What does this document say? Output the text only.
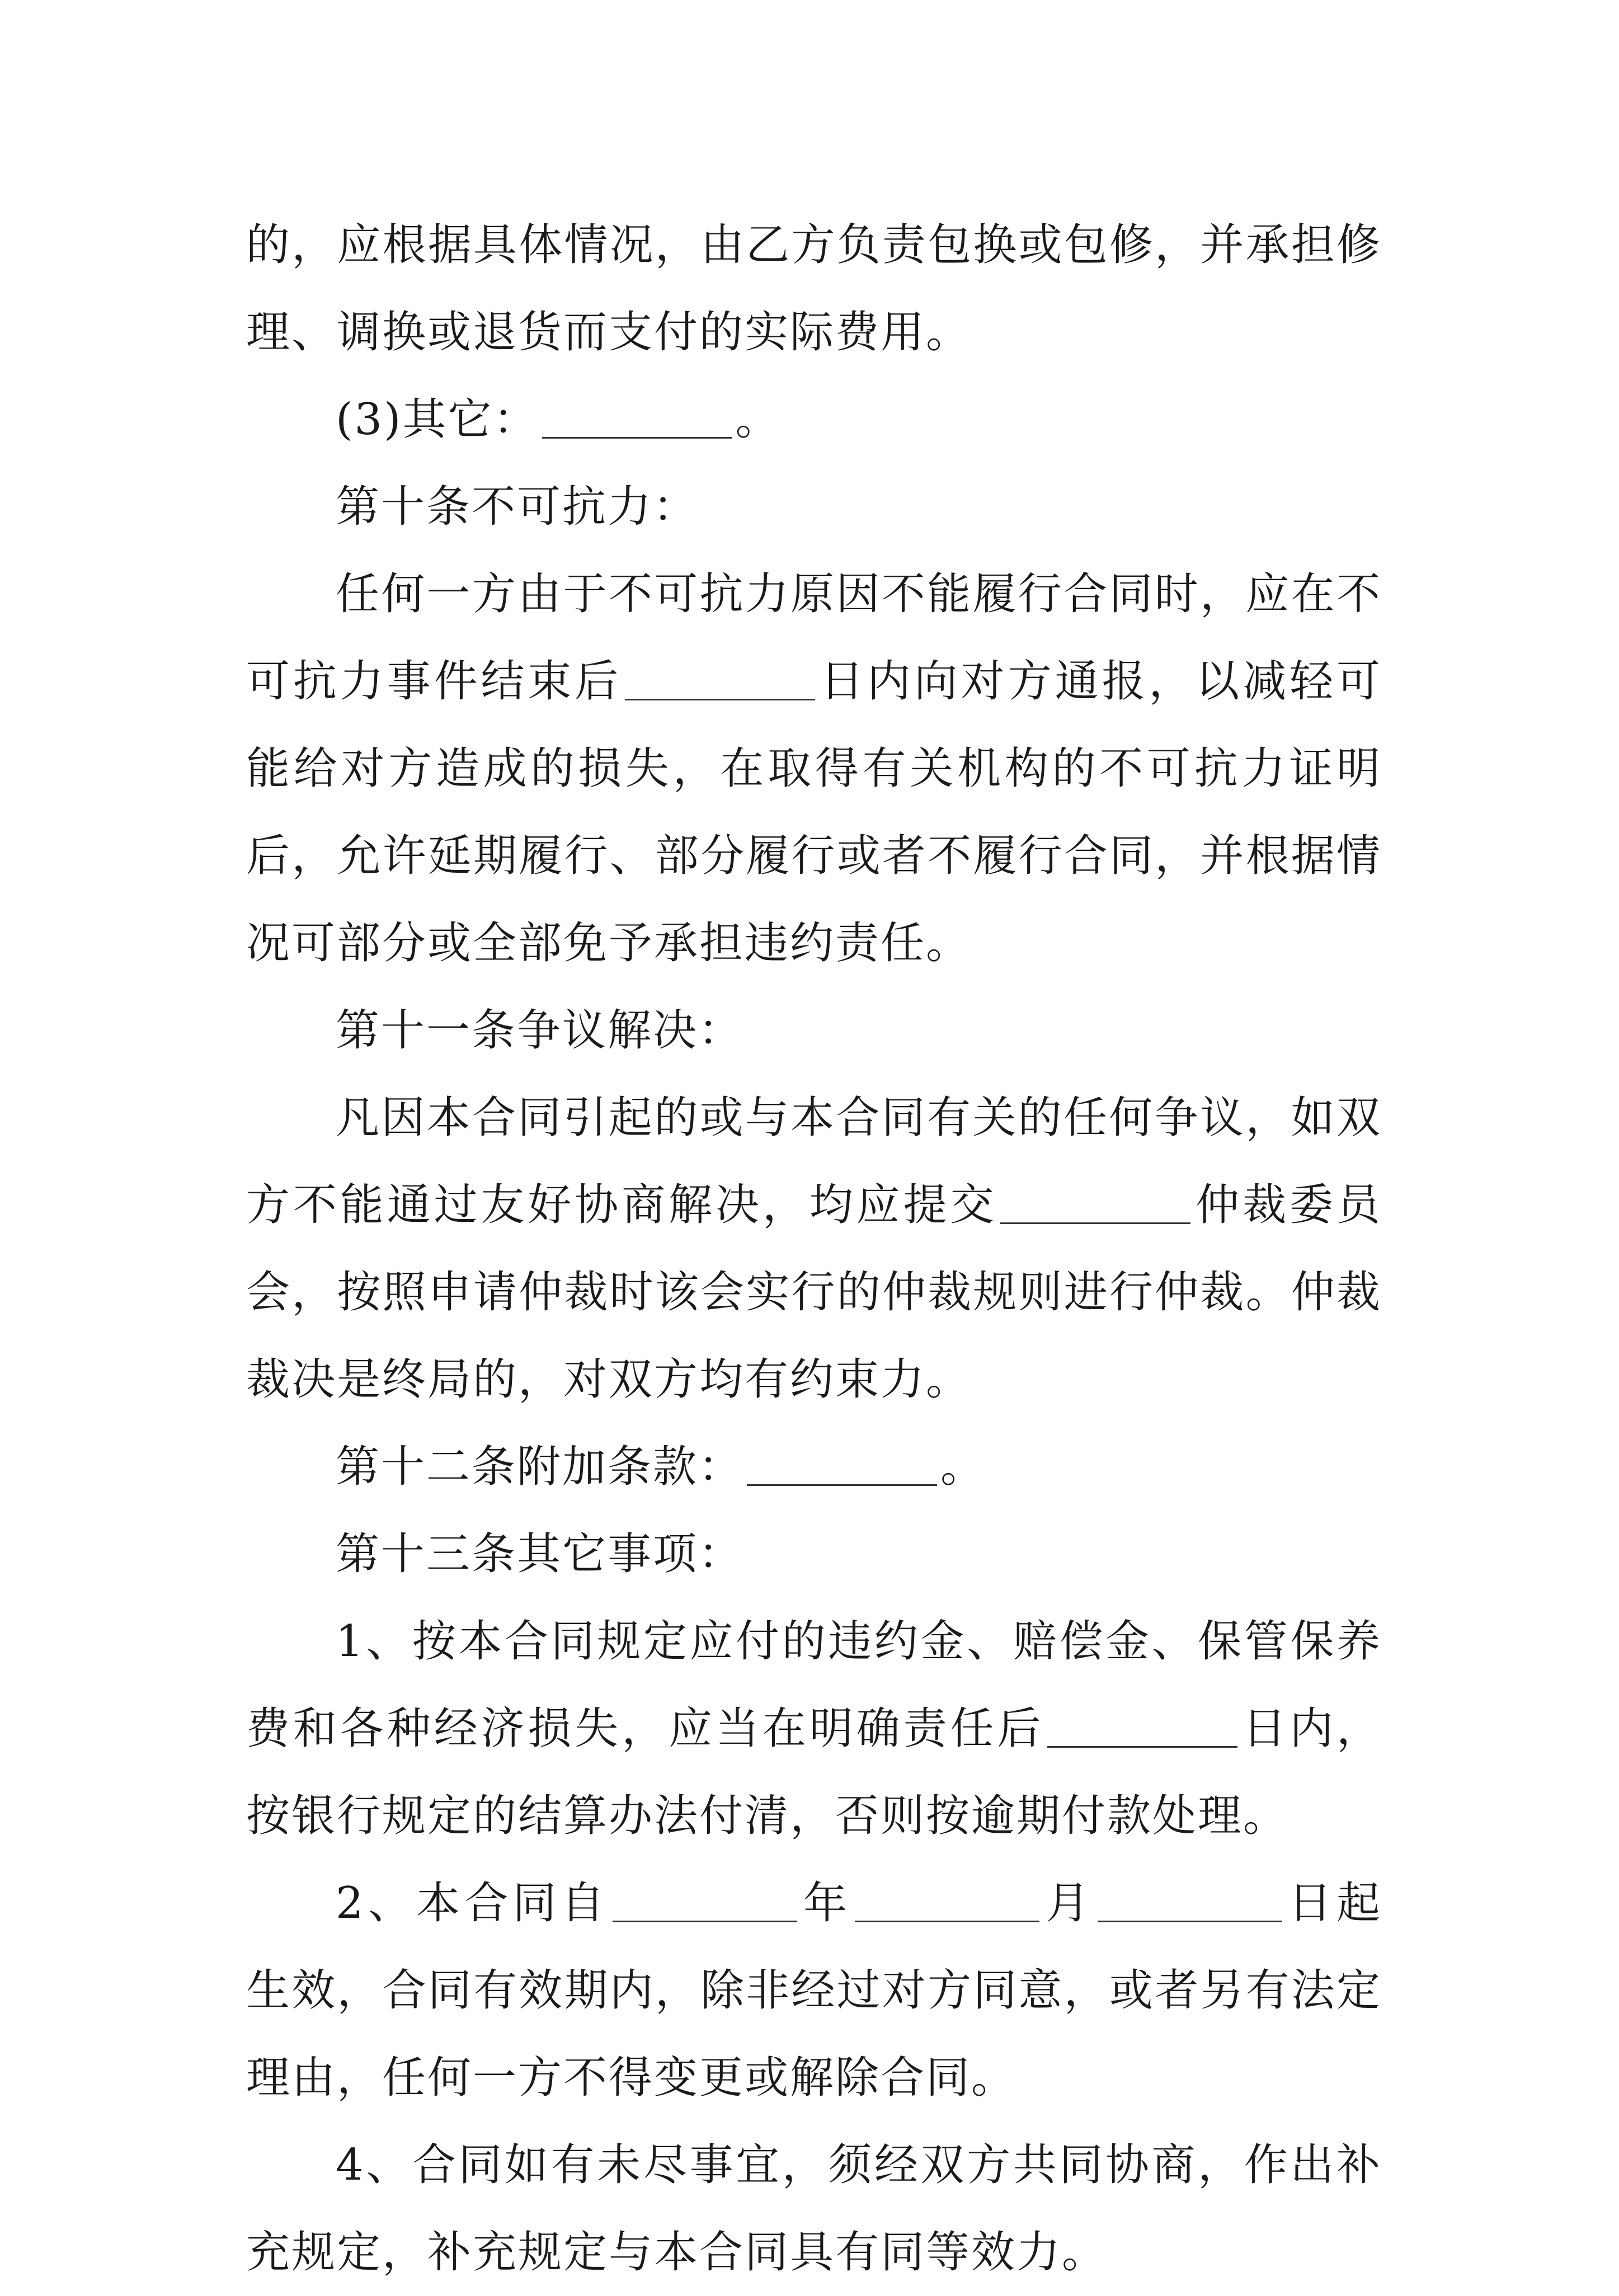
的，应根据具体情况，由乙方负责包换或包修，并承担修理、调换或退货而支付的实际费用。

(3)其它：	。

第十条不可抗力：

任何一方由于不可抗力原因不能履行合同时，应在不可抗力事件结束后	日内向对方通报，以减轻可能给对方造成的损失，在取得有关机构的不可抗力证明后，允许延期履行、部分履行或者不履行合同，并根据情况可部分或全部免予承担违约责任。

第十一条争议解决：

凡因本合同引起的或与本合同有关的任何争议，如双方不能通过友好协商解决，均应提交	仲裁委员会，按照申请仲裁时该会实行的仲裁规则进行仲裁。仲裁裁决是终局的，对双方均有约束力。

第十二条附加条款：	。

第十三条其它事项：

1、按本合同规定应付的违约金、赔偿金、保管保养费和各种经济损失，应当在明确责任后	日内，按银行规定的结算办法付清，否则按逾期付款处理。

2、本合同自	年	月	日起生效，合同有效期内，除非经过对方同意，或者另有法定理由，任何一方不得变更或解除合同。

4、合同如有未尽事宜，须经双方共同协商，作出补充规定，补充规定与本合同具有同等效力。
